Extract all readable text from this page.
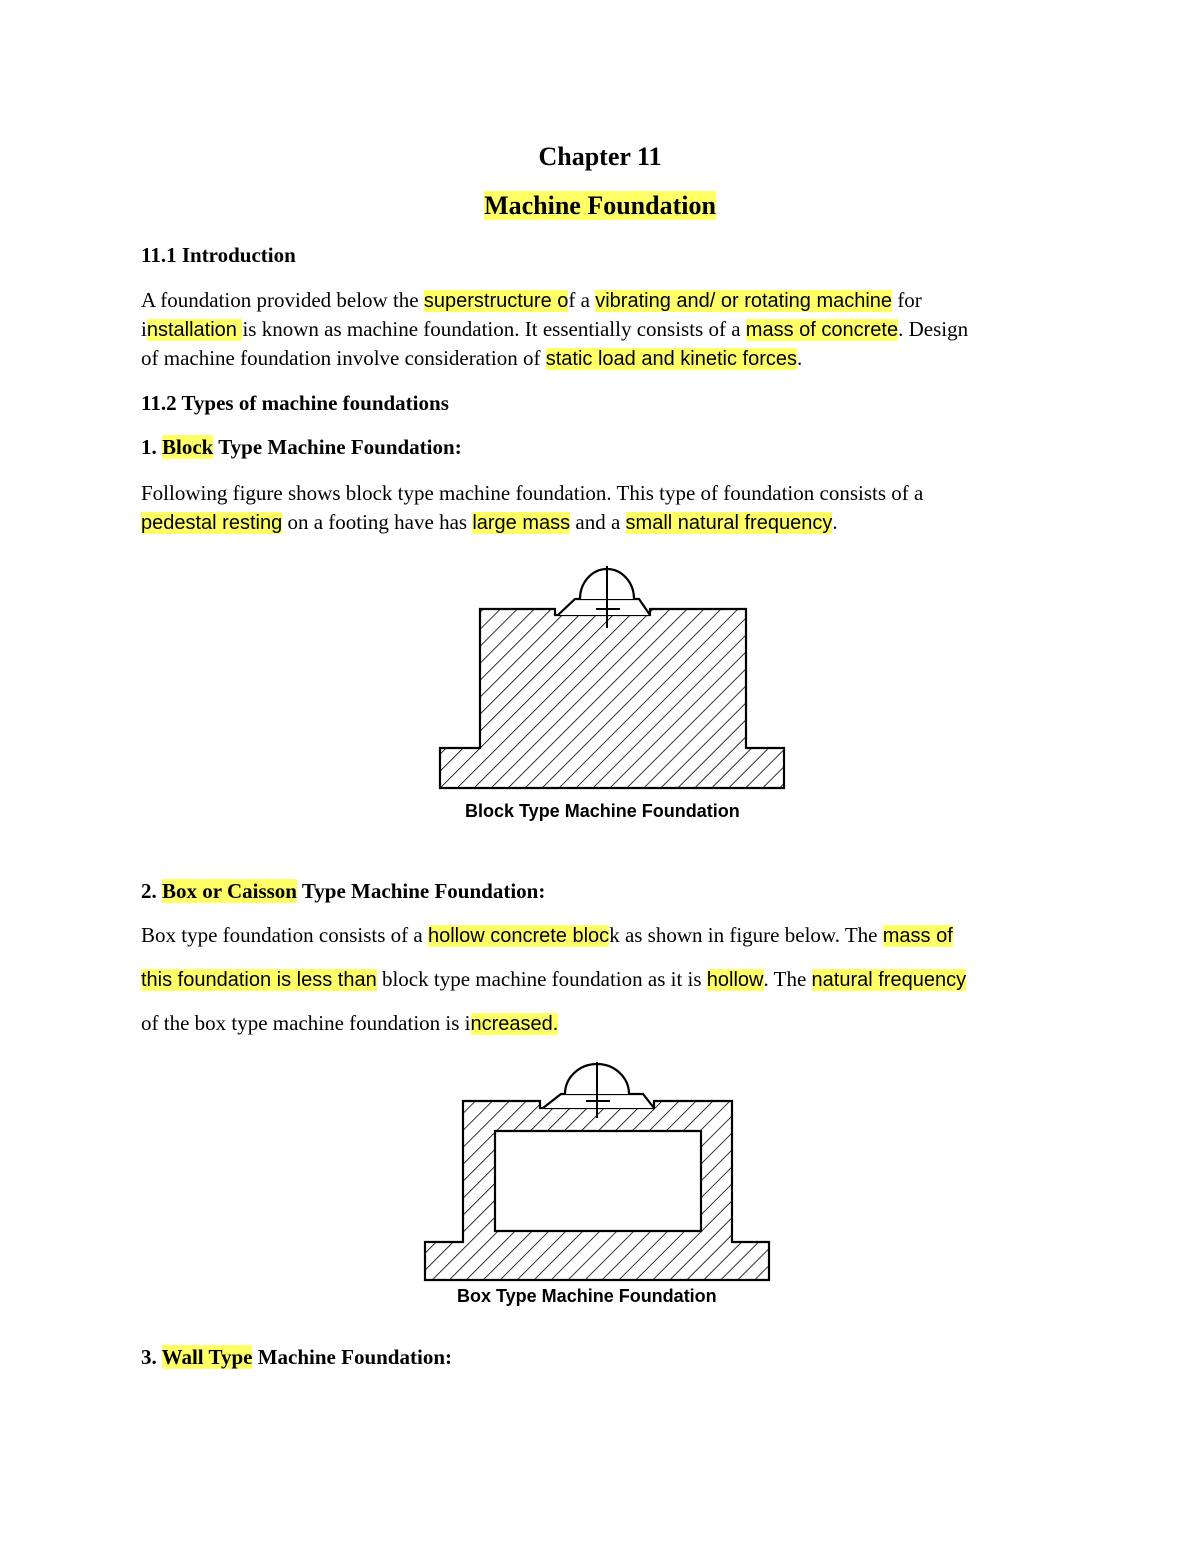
Chapter 11
Machine Foundation
11.1 Introduction
A foundation provided below the superstructure of a vibrating and/ or rotating machine for
installation is known as machine foundation. It essentially consists of a mass of concrete. Design
of machine foundation involve consideration of static load and kinetic forces.
11.2 Types of machine foundations
1. Block Type Machine Foundation:
Following figure shows block type machine foundation. This type of foundation consists of a
pedestal resting on a footing have has large mass and a small natural frequency.
Block Type Machine Foundation
2. Box or Caisson Type Machine Foundation:
Box type foundation consists of a hollow concrete block as shown in figure below. The mass of
this foundation is less than block type machine foundation as it is hollow. The natural frequency
of the box type machine foundation is increased.
Box Type Machine Foundation
3. Wall Type Machine Foundation:
